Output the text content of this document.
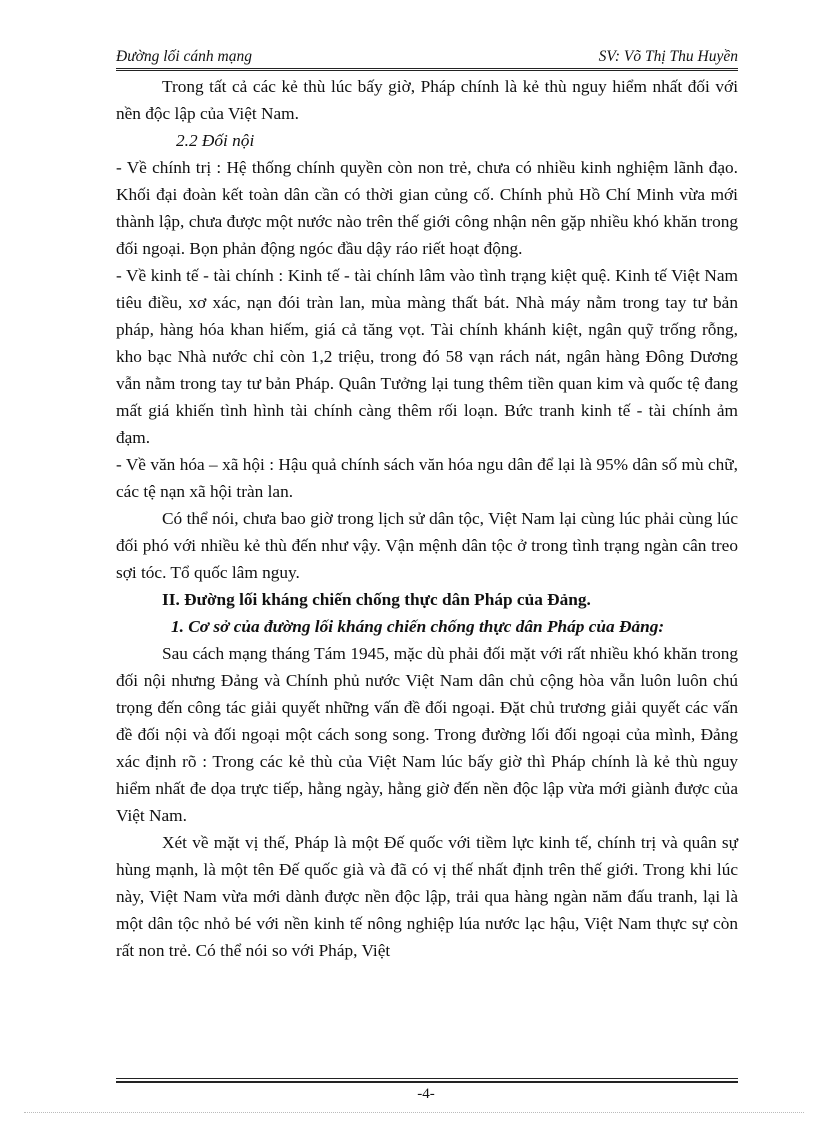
Đường lối cánh mạng	SV: Võ Thị Thu Huyền

Trong tất cả các kẻ thù lúc bấy giờ, Pháp chính là kẻ thù nguy hiểm nhất đối với nền độc lập của Việt Nam.

2.2 Đối nội

- Về chính trị : Hệ thống chính quyền còn non trẻ, chưa có nhiều kinh nghiệm lãnh đạo. Khối đại đoàn kết toàn dân cần có thời gian củng cố. Chính phủ Hồ Chí Minh vừa mới thành lập, chưa được một nước nào trên thế giới công nhận nên gặp nhiều khó khăn trong đối ngoại. Bọn phản động ngóc đầu dậy ráo riết hoạt động.

- Về kinh tế - tài chính : Kinh tế - tài chính lâm vào tình trạng kiệt quệ. Kinh tế Việt Nam tiêu điều, xơ xác, nạn đói tràn lan, mùa màng thất bát. Nhà máy nằm trong tay tư bản pháp, hàng hóa khan hiếm, giá cả tăng vọt. Tài chính khánh kiệt, ngân quỹ trống rỗng, kho bạc Nhà nước chỉ còn 1,2 triệu, trong đó 58 vạn rách nát, ngân hàng Đông Dương vẫn nằm trong tay tư bản Pháp. Quân Tưởng lại tung thêm tiền quan kim và quốc tệ đang mất giá khiến tình hình tài chính càng thêm rối loạn. Bức tranh kinh tế - tài chính ảm đạm.

- Về văn hóa – xã hội : Hậu quả chính sách văn hóa ngu dân để lại là 95% dân số mù chữ, các tệ nạn xã hội tràn lan.

Có thể nói, chưa bao giờ trong lịch sử dân tộc, Việt Nam lại cùng lúc phải cùng lúc đối phó với nhiều kẻ thù đến như vậy. Vận mệnh dân tộc ở trong tình trạng ngàn cân treo sợi tóc. Tổ quốc lâm nguy.

II. Đường lối kháng chiến chống thực dân Pháp của Đảng.

1. Cơ sở của đường lối kháng chiến chống thực dân Pháp của Đảng:

Sau cách mạng tháng Tám 1945, mặc dù phải đối mặt với rất nhiều khó khăn trong đối nội nhưng Đảng và Chính phủ nước Việt Nam dân chủ cộng hòa vẫn luôn luôn chú trọng đến công tác giải quyết những vấn đề đối ngoại. Đặt chủ trương giải quyết các vấn đề đối nội và đối ngoại một cách song song. Trong đường lối đối ngoại của mình, Đảng xác định rõ : Trong các kẻ thù của Việt Nam lúc bấy giờ thì Pháp chính là kẻ thù nguy hiểm nhất đe dọa trực tiếp, hằng ngày, hằng giờ đến nền độc lập vừa mới giành được của Việt Nam.

Xét về mặt vị thế, Pháp là một Đế quốc với tiềm lực kinh tế, chính trị và quân sự hùng mạnh, là một tên Đế quốc già và đã có vị thế nhất định trên thế giới. Trong khi lúc này, Việt Nam vừa mới dành được nền độc lập, trải qua hàng ngàn năm đấu tranh, lại là một dân tộc nhỏ bé với nền kinh tế nông nghiệp lúa nước lạc hậu, Việt Nam thực sự còn rất non trẻ. Có thể nói so với Pháp, Việt

-4-
